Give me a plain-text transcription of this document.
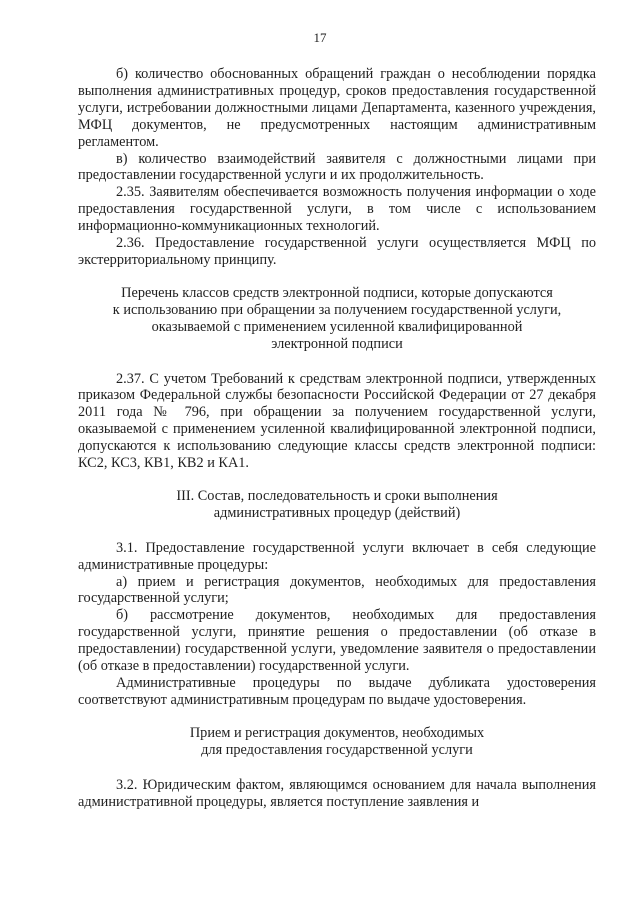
17

б) количество обоснованных обращений граждан о несоблюдении порядка выполнения административных процедур, сроков предоставления государственной услуги, истребовании должностными лицами Департамента, казенного учреждения, МФЦ документов, не предусмотренных настоящим административным регламентом.

в) количество взаимодействий заявителя с должностными лицами при предоставлении государственной услуги и их продолжительность.

2.35. Заявителям обеспечивается возможность получения информации о ходе предоставления государственной услуги, в том числе с использованием информационно-коммуникационных технологий.

2.36. Предоставление государственной услуги осуществляется МФЦ по экстерриториальному принципу.

Перечень классов средств электронной подписи, которые допускаются
к использованию при обращении за получением государственной услуги,
оказываемой с применением усиленной квалифицированной
электронной подписи

2.37. С учетом Требований к средствам электронной подписи, утвержденных приказом Федеральной службы безопасности Российской Федерации от 27 декабря 2011 года № 796, при обращении за получением государственной услуги, оказываемой с применением усиленной квалифицированной электронной подписи, допускаются к использованию следующие классы средств электронной подписи: КС2, КС3, КВ1, КВ2 и КА1.

III. Состав, последовательность и сроки выполнения
административных процедур (действий)

3.1. Предоставление государственной услуги включает в себя следующие административные процедуры:

а) прием и регистрация документов, необходимых для предоставления государственной услуги;

б) рассмотрение документов, необходимых для предоставления государственной услуги, принятие решения о предоставлении (об отказе в предоставлении) государственной услуги, уведомление заявителя о предоставлении (об отказе в предоставлении) государственной услуги.

Административные процедуры по выдаче дубликата удостоверения соответствуют административным процедурам по выдаче удостоверения.

Прием и регистрация документов, необходимых
для предоставления государственной услуги

3.2. Юридическим фактом, являющимся основанием для начала выполнения административной процедуры, является поступление заявления и
